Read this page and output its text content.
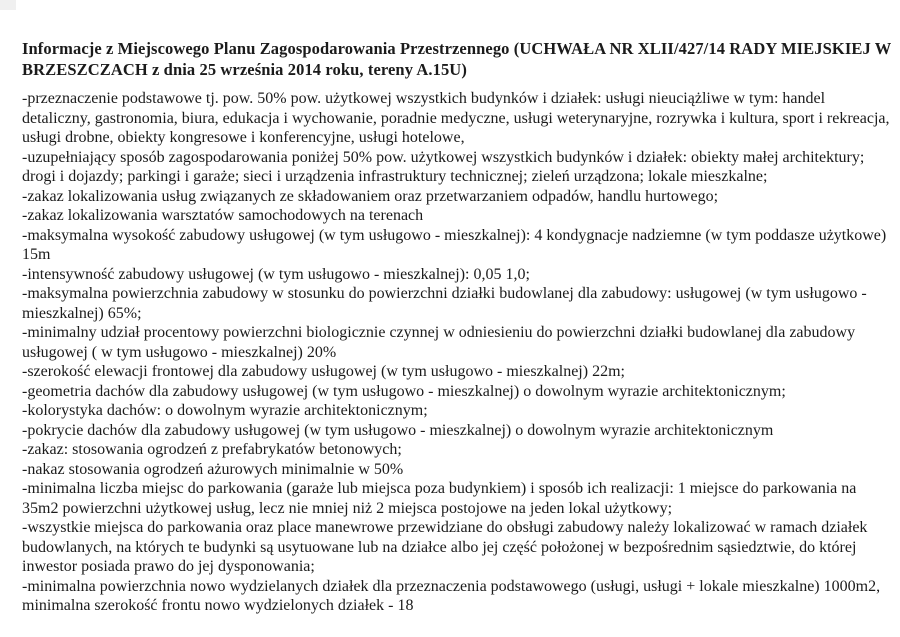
Informacje z Miejscowego Planu Zagospodarowania Przestrzennego (UCHWAŁA NR XLII/427/14 RADY MIEJSKIEJ W BRZESZCZACH z dnia 25 września 2014 roku, tereny A.15U)

-przeznaczenie podstawowe tj. pow. 50% pow. użytkowej wszystkich budynków i działek: usługi nieuciążliwe w tym: handel detaliczny, gastronomia, biura, edukacja i wychowanie, poradnie medyczne, usługi weterynaryjne, rozrywka i kultura, sport i rekreacja, usługi drobne, obiekty kongresowe i konferencyjne, usługi hotelowe,

-uzupełniający sposób zagospodarowania poniżej 50% pow. użytkowej wszystkich budynków i działek: obiekty małej architektury; drogi i dojazdy; parkingi i garaże; sieci i urządzenia infrastruktury technicznej; zieleń urządzona; lokale mieszkalne;

-zakaz lokalizowania usług związanych ze składowaniem oraz przetwarzaniem odpadów, handlu hurtowego;

-zakaz lokalizowania warsztatów samochodowych na terenach

-maksymalna wysokość zabudowy usługowej (w tym usługowo - mieszkalnej): 4 kondygnacje nadziemne (w tym poddasze użytkowe) 15m

-intensywność zabudowy usługowej (w tym usługowo - mieszkalnej): 0,05 1,0;

-maksymalna powierzchnia zabudowy w stosunku do powierzchni działki budowlanej dla zabudowy: usługowej (w tym usługowo - mieszkalnej) 65%;

-minimalny udział procentowy powierzchni biologicznie czynnej w odniesieniu do powierzchni działki budowlanej dla zabudowy usługowej ( w tym usługowo - mieszkalnej) 20%

-szerokość elewacji frontowej dla zabudowy usługowej (w tym usługowo - mieszkalnej) 22m;

-geometria dachów dla zabudowy usługowej (w tym usługowo - mieszkalnej) o dowolnym wyrazie architektonicznym;

-kolorystyka dachów: o dowolnym wyrazie architektonicznym;

-pokrycie dachów dla zabudowy usługowej (w tym usługowo - mieszkalnej) o dowolnym wyrazie architektonicznym

-zakaz: stosowania ogrodzeń z prefabrykatów betonowych;

-nakaz stosowania ogrodzeń ażurowych minimalnie w 50%

-minimalna liczba miejsc do parkowania (garaże lub miejsca poza budynkiem) i sposób ich realizacji: 1 miejsce do parkowania na 35m2 powierzchni użytkowej usług, lecz nie mniej niż 2 miejsca postojowe na jeden lokal użytkowy;

-wszystkie miejsca do parkowania oraz place manewrowe przewidziane do obsługi zabudowy należy lokalizować w ramach działek budowlanych, na których te budynki są usytuowane lub na działce albo jej część położonej w bezpośrednim sąsiedztwie, do której inwestor posiada prawo do jej dysponowania;

-minimalna powierzchnia nowo wydzielanych działek dla przeznaczenia podstawowego (usługi, usługi + lokale mieszkalne) 1000m2, minimalna szerokość frontu nowo wydzielonych działek - 18
